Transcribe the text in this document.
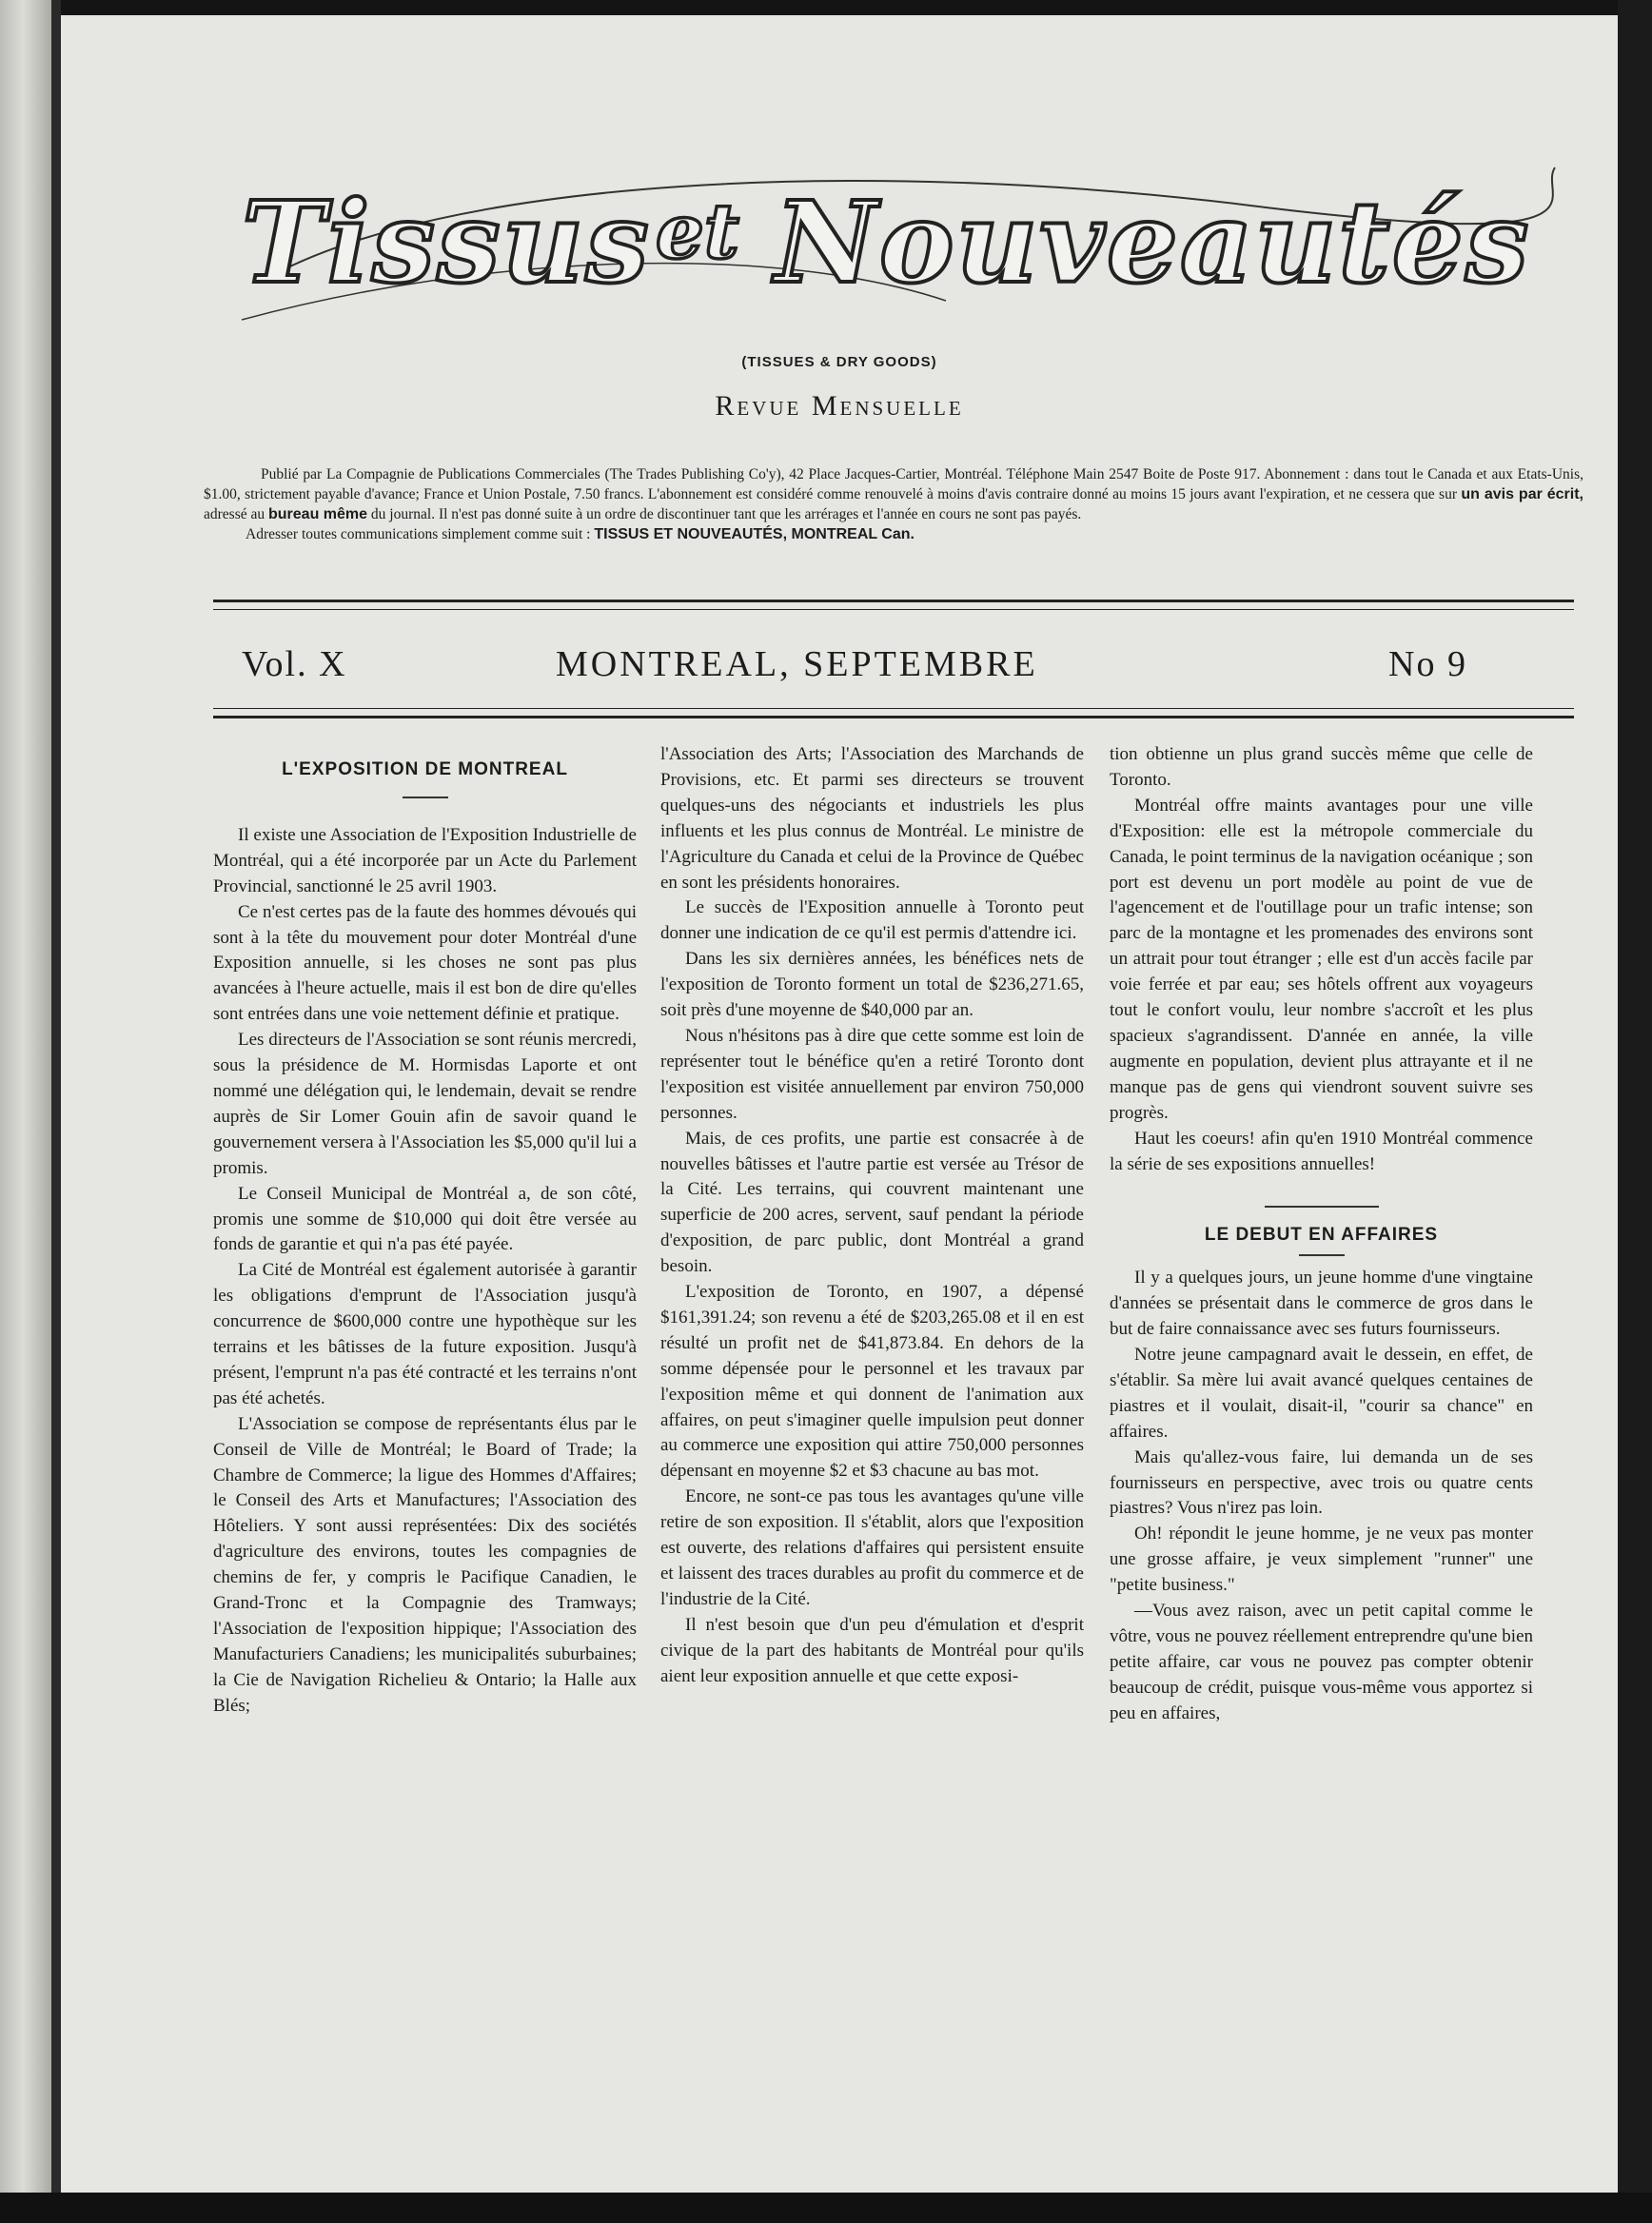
Tissus et Nouveautés
(TISSUES & DRY GOODS)
Revue Mensuelle

Publié par La Compagnie de Publications Commerciales (The Trades Publishing Co'y), 42 Place Jacques-Cartier, Montréal. Téléphone Main 2547 Boite de Poste 917. Abonnement : dans tout le Canada et aux Etats-Unis, $1.00, strictement payable d'avance; France et Union Postale, 7.50 francs. L'abonnement est considéré comme renouvelé à moins d'avis contraire donné au moins 15 jours avant l'expiration, et ne cessera que sur un avis par écrit, adressé au bureau même du journal. Il n'est pas donné suite à un ordre de discontinuer tant que les arrérages et l'année en cours ne sont pas payés.

Adresser toutes communications simplement comme suit : TISSUS ET NOUVEAUTÉS, MONTREAL Can.

Vol. X	MONTREAL, SEPTEMBRE	No 9
L'EXPOSITION DE MONTREAL

Il existe une Association de l'Exposition Industrielle de Montréal, qui a été incorporée par un Acte du Parlement Provincial, sanctionné le 25 avril 1903.

Ce n'est certes pas de la faute des hommes dévoués qui sont à la tête du mouvement pour doter Montréal d'une Exposition annuelle, si les choses ne sont pas plus avancées à l'heure actuelle, mais il est bon de dire qu'elles sont entrées dans une voie nettement définie et pratique.

Les directeurs de l'Association se sont réunis mercredi, sous la présidence de M. Hormisdas Laporte et ont nommé une délégation qui, le lendemain, devait se rendre auprès de Sir Lomer Gouin afin de savoir quand le gouvernement versera à l'Association les $5,000 qu'il lui a promis.

Le Conseil Municipal de Montréal a, de son côté, promis une somme de $10,000 qui doit être versée au fonds de garantie et qui n'a pas été payée.

La Cité de Montréal est également autorisée à garantir les obligations d'emprunt de l'Association jusqu'à concurrence de $600,000 contre une hypothèque sur les terrains et les bâtisses de la future exposition. Jusqu'à présent, l'emprunt n'a pas été contracté et les terrains n'ont pas été achetés.

L'Association se compose de représentants élus par le Conseil de Ville de Montréal; le Board of Trade; la Chambre de Commerce; la ligue des Hommes d'Affaires; le Conseil des Arts et Manufactures; l'Association des Hôteliers. Y sont aussi représentées: Dix des sociétés d'agriculture des environs, toutes les compagnies de chemins de fer, y compris le Pacifique Canadien, le Grand-Tronc et la Compagnie des Tramways; l'Association de l'exposition hippique; l'Association des Manufacturiers Canadiens; les municipalités suburbaines; la Cie de Navigation Richelieu & Ontario; la Halle aux Blés;

l'Association des Arts; l'Association des Marchands de Provisions, etc. Et parmi ses directeurs se trouvent quelques-uns des négociants et industriels les plus influents et les plus connus de Montréal. Le ministre de l'Agriculture du Canada et celui de la Province de Québec en sont les présidents honoraires.

Le succès de l'Exposition annuelle à Toronto peut donner une indication de ce qu'il est permis d'attendre ici.

Dans les six dernières années, les bénéfices nets de l'exposition de Toronto forment un total de $236,271.65, soit près d'une moyenne de $40,000 par an.

Nous n'hésitons pas à dire que cette somme est loin de représenter tout le bénéfice qu'en a retiré Toronto dont l'exposition est visitée annuellement par environ 750,000 personnes.

Mais, de ces profits, une partie est consacrée à de nouvelles bâtisses et l'autre partie est versée au Trésor de la Cité. Les terrains, qui couvrent maintenant une superficie de 200 acres, servent, sauf pendant la période d'exposition, de parc public, dont Montréal a grand besoin.

L'exposition de Toronto, en 1907, a dépensé $161,391.24; son revenu a été de $203,265.08 et il en est résulté un profit net de $41,873.84. En dehors de la somme dépensée pour le personnel et les travaux par l'exposition même et qui donnent de l'animation aux affaires, on peut s'imaginer quelle impulsion peut donner au commerce une exposition qui attire 750,000 personnes dépensant en moyenne $2 et $3 chacune au bas mot.

Encore, ne sont-ce pas tous les avantages qu'une ville retire de son exposition. Il s'établit, alors que l'exposition est ouverte, des relations d'affaires qui persistent ensuite et laissent des traces durables au profit du commerce et de l'industrie de la Cité.

Il n'est besoin que d'un peu d'émulation et d'esprit civique de la part des habitants de Montréal pour qu'ils aient leur exposition annuelle et que cette exposi-

tion obtienne un plus grand succès même que celle de Toronto.

Montréal offre maints avantages pour une ville d'Exposition: elle est la métropole commerciale du Canada, le point terminus de la navigation océanique ; son port est devenu un port modèle au point de vue de l'agencement et de l'outillage pour un trafic intense; son parc de la montagne et les promenades des environs sont un attrait pour tout étranger ; elle est d'un accès facile par voie ferrée et par eau; ses hôtels offrent aux voyageurs tout le confort voulu, leur nombre s'accroît et les plus spacieux s'agrandissent. D'année en année, la ville augmente en population, devient plus attrayante et il ne manque pas de gens qui viendront souvent suivre ses progrès.

Haut les coeurs! afin qu'en 1910 Montréal commence la série de ses expositions annuelles!

LE DEBUT EN AFFAIRES

Il y a quelques jours, un jeune homme d'une vingtaine d'années se présentait dans le commerce de gros dans le but de faire connaissance avec ses futurs fournisseurs.

Notre jeune campagnard avait le dessein, en effet, de s'établir. Sa mère lui avait avancé quelques centaines de piastres et il voulait, disait-il, "courir sa chance" en affaires.

Mais qu'allez-vous faire, lui demanda un de ses fournisseurs en perspective, avec trois ou quatre cents piastres? Vous n'irez pas loin.

Oh! répondit le jeune homme, je ne veux pas monter une grosse affaire, je veux simplement "runner" une "petite business."

—Vous avez raison, avec un petit capital comme le vôtre, vous ne pouvez réellement entreprendre qu'une bien petite affaire, car vous ne pouvez pas compter obtenir beaucoup de crédit, puisque vous-même vous apportez si peu en affaires,
